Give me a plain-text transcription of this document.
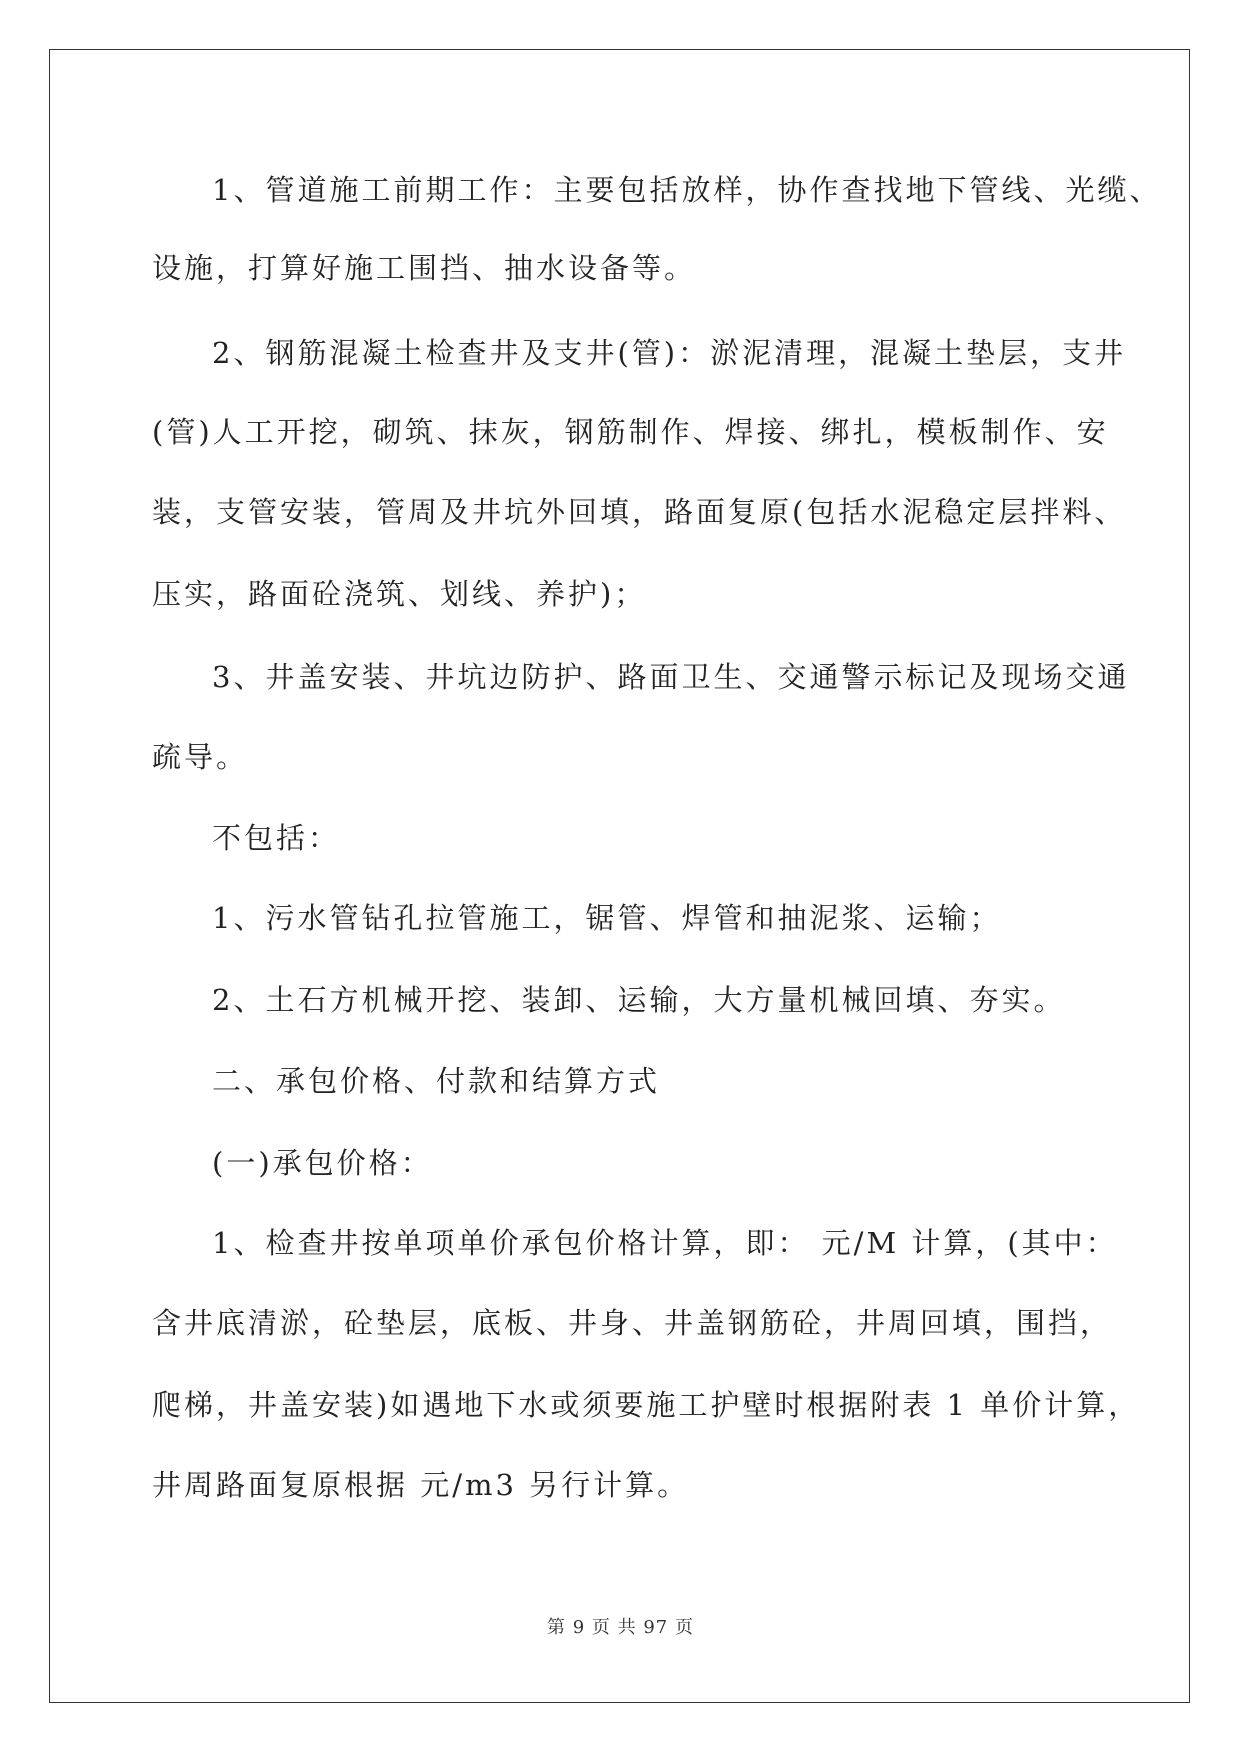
1、管道施工前期工作：主要包括放样，协作查找地下管线、光缆、
设施，打算好施工围挡、抽水设备等。
2、钢筋混凝土检查井及支井(管)：淤泥清理，混凝土垫层，支井
(管)人工开挖，砌筑、抹灰，钢筋制作、焊接、绑扎，模板制作、安
装，支管安装，管周及井坑外回填，路面复原(包括水泥稳定层拌料、
压实，路面砼浇筑、划线、养护)；
3、井盖安装、井坑边防护、路面卫生、交通警示标记及现场交通
疏导。
不包括：
1、污水管钻孔拉管施工，锯管、焊管和抽泥浆、运输；
2、土石方机械开挖、装卸、运输，大方量机械回填、夯实。
二、承包价格、付款和结算方式
(一)承包价格：
1、检查井按单项单价承包价格计算，即： 元/M 计算，(其中：
含井底清淤，砼垫层，底板、井身、井盖钢筋砼，井周回填，围挡，
爬梯，井盖安装)如遇地下水或须要施工护壁时根据附表 1 单价计算，
井周路面复原根据 元/m3 另行计算。
第 9 页 共 97 页
